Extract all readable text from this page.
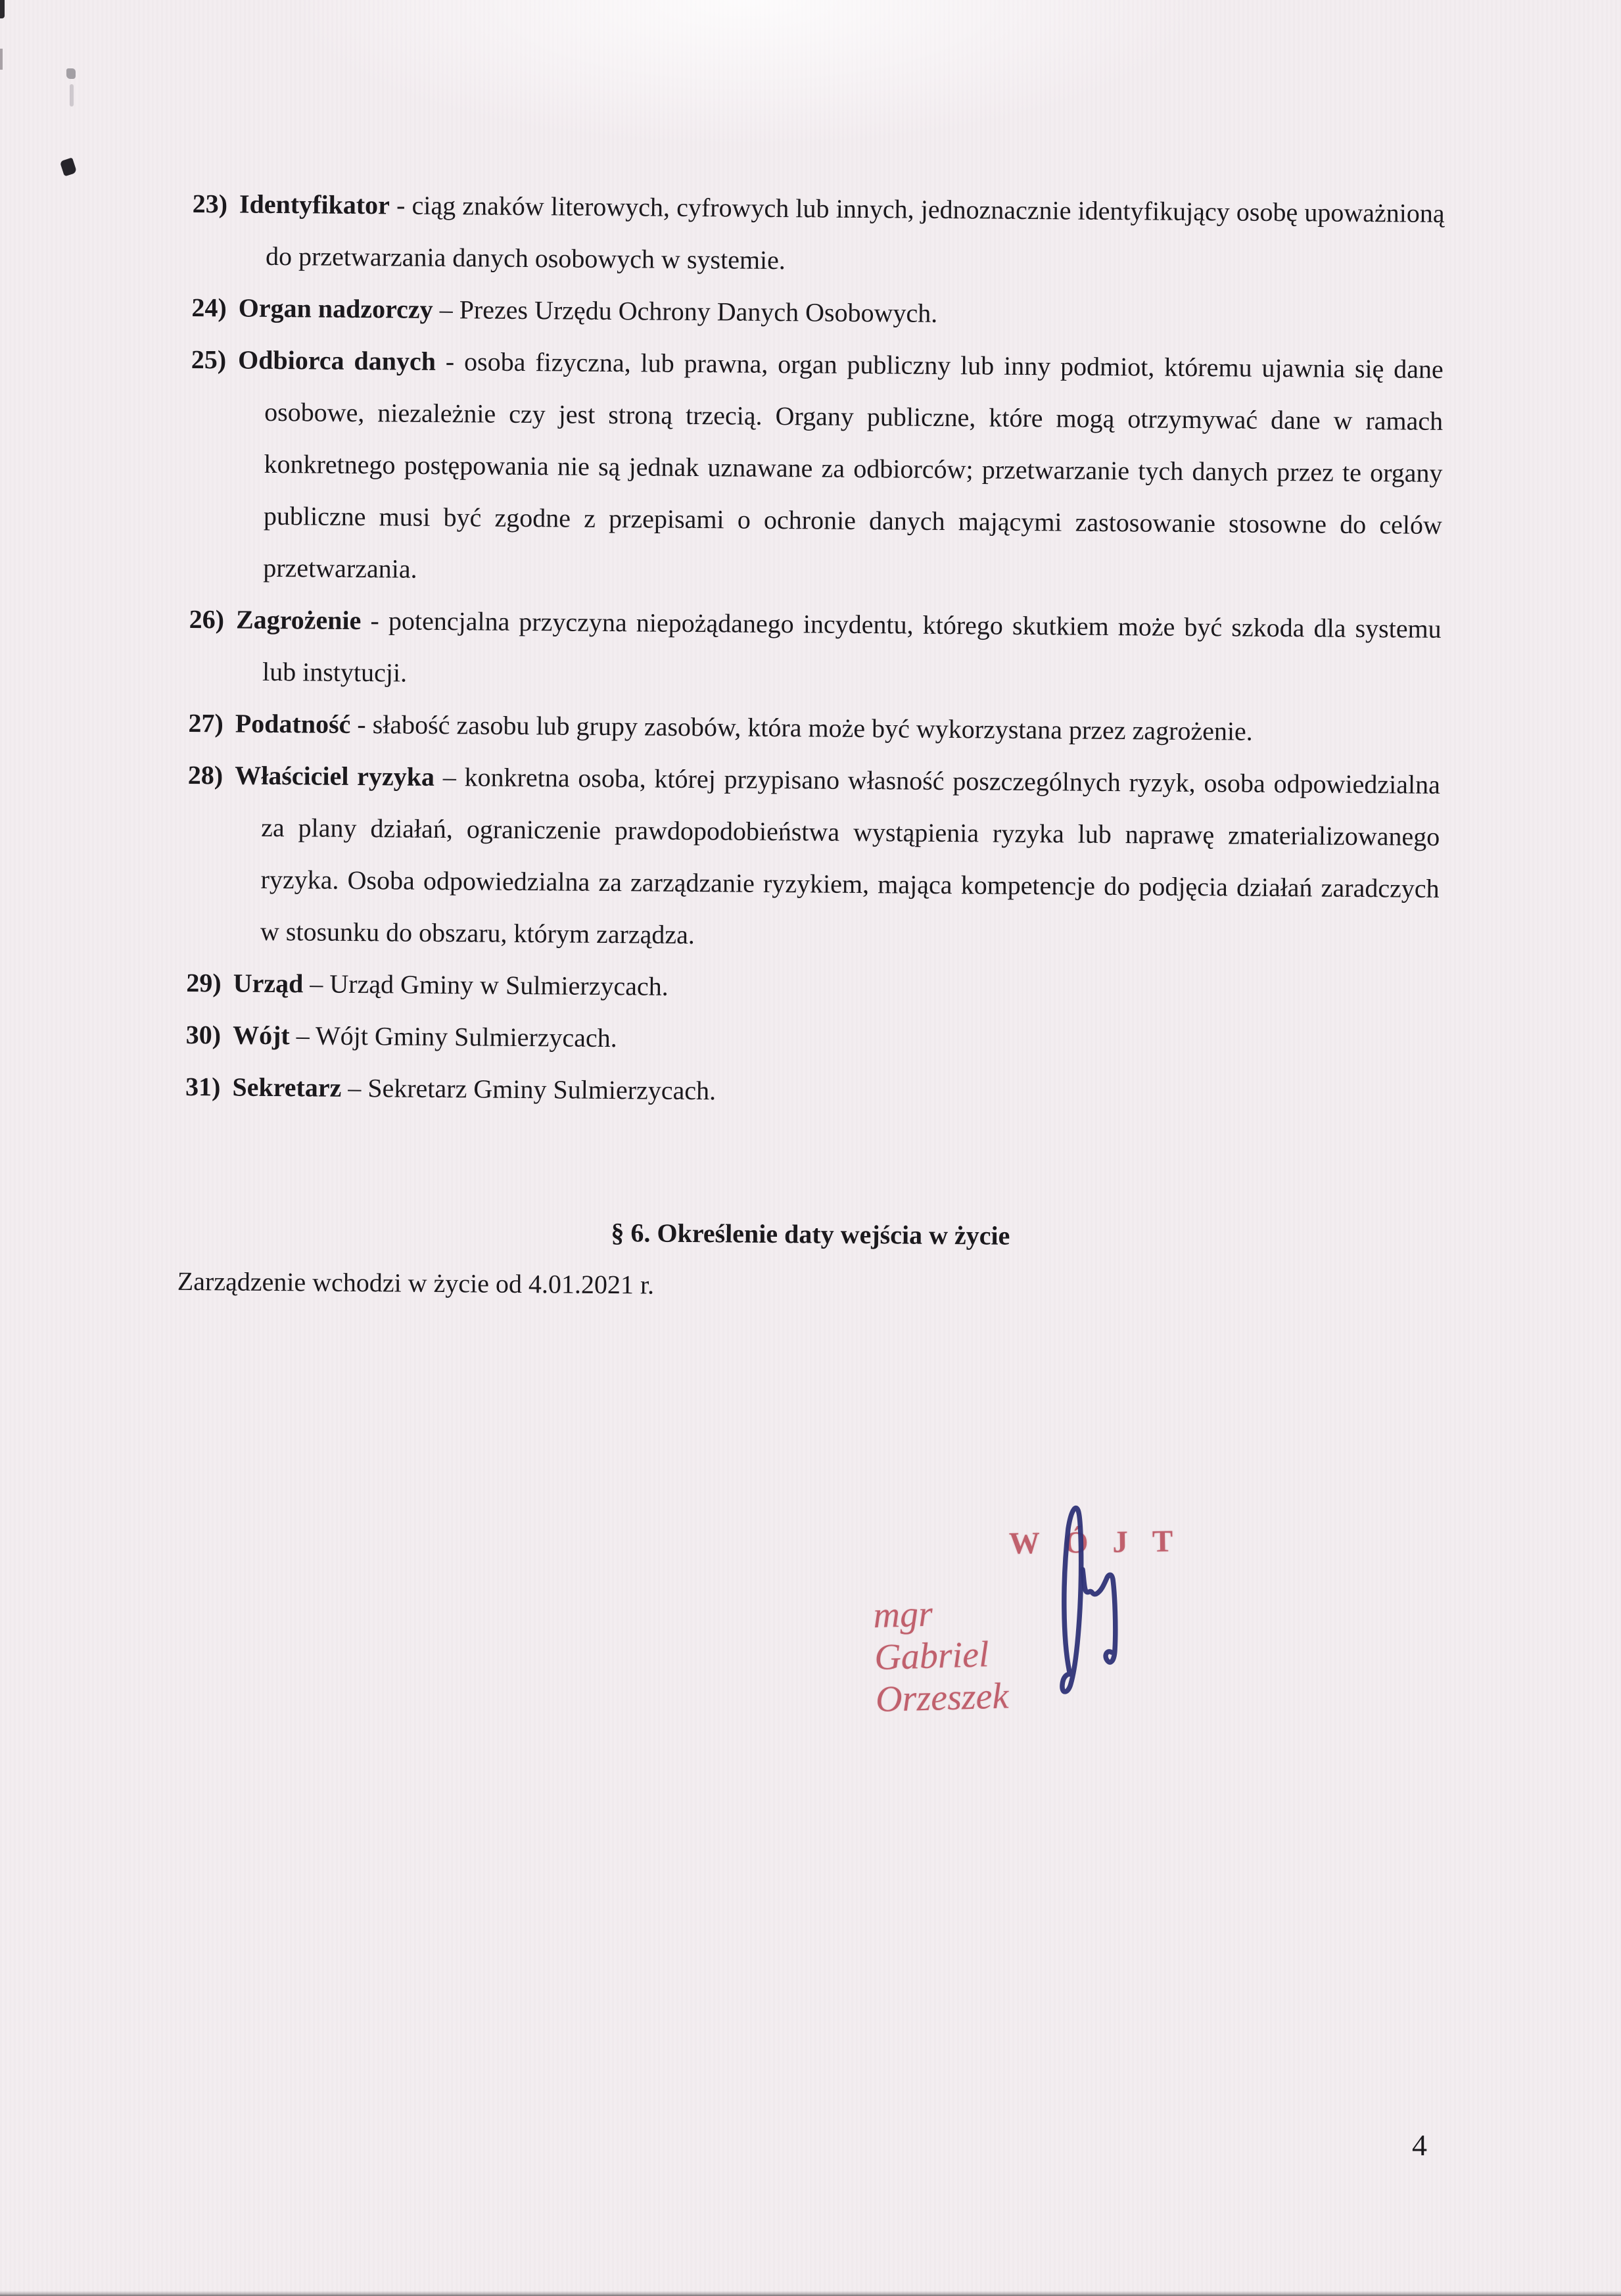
23) Identyfikator - ciąg znaków literowych, cyfrowych lub innych, jednoznacznie identyfikujący osobę upoważnioną do przetwarzania danych osobowych w systemie.
24) Organ nadzorczy – Prezes Urzędu Ochrony Danych Osobowych.
25) Odbiorca danych - osoba fizyczna, lub prawna, organ publiczny lub inny podmiot, któremu ujawnia się dane osobowe, niezależnie czy jest stroną trzecią. Organy publiczne, które mogą otrzymywać dane w ramach konkretnego postępowania nie są jednak uznawane za odbiorców; przetwarzanie tych danych przez te organy publiczne musi być zgodne z przepisami o ochronie danych mającymi zastosowanie stosowne do celów przetwarzania.
26) Zagrożenie - potencjalna przyczyna niepożądanego incydentu, którego skutkiem może być szkoda dla systemu lub instytucji.
27) Podatność - słabość zasobu lub grupy zasobów, która może być wykorzystana przez zagrożenie.
28) Właściciel ryzyka – konkretna osoba, której przypisano własność poszczególnych ryzyk, osoba odpowiedzialna za plany działań, ograniczenie prawdopodobieństwa wystąpienia ryzyka lub naprawę zmaterializowanego ryzyka. Osoba odpowiedzialna za zarządzanie ryzykiem, mająca kompetencje do podjęcia działań zaradczych w stosunku do obszaru, którym zarządza.
29) Urząd – Urząd Gminy w Sulmierzycach.
30) Wójt – Wójt Gminy Sulmierzycach.
31) Sekretarz – Sekretarz Gminy Sulmierzycach.
§ 6. Określenie daty wejścia w życie

Zarządzenie wchodzi w życie od 4.01.2021 r.

WÓJT
mgr Gabriel Orzeszek
4
